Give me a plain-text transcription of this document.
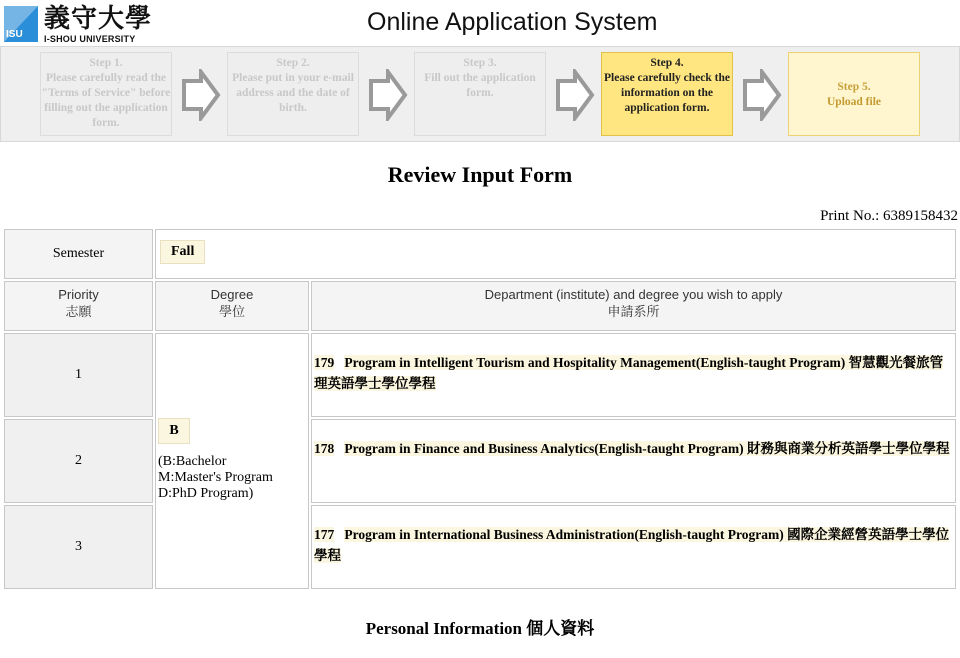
ISU
義守大學
I-SHOU UNIVERSITY
Online Application System
Step 1.
Please carefully read the "Terms of Service" before filling out the application form.
Step 2.
Please put in your e-mail address and the date of birth.
Step 3.
Fill out the application form.
Step 4.
Please carefully check the information on the application form.
Step 5.
Upload file
Review Input Form
Print No.: 6389158432
Semester	Fall
Priority
志願
Degree
學位
Department (institute) and degree you wish to apply
申請系所
1
2
3
B
(B:Bachelor
M:Master's Program
D:PhD Program)
179 Program in Intelligent Tourism and Hospitality Management(English-taught Program) 智慧觀光餐旅管理英語學士學位學程
178 Program in Finance and Business Analytics(English-taught Program) 財務與商業分析英語學士學位學程
177 Program in International Business Administration(English-taught Program) 國際企業經營英語學士學位學程
Personal Information 個人資料
